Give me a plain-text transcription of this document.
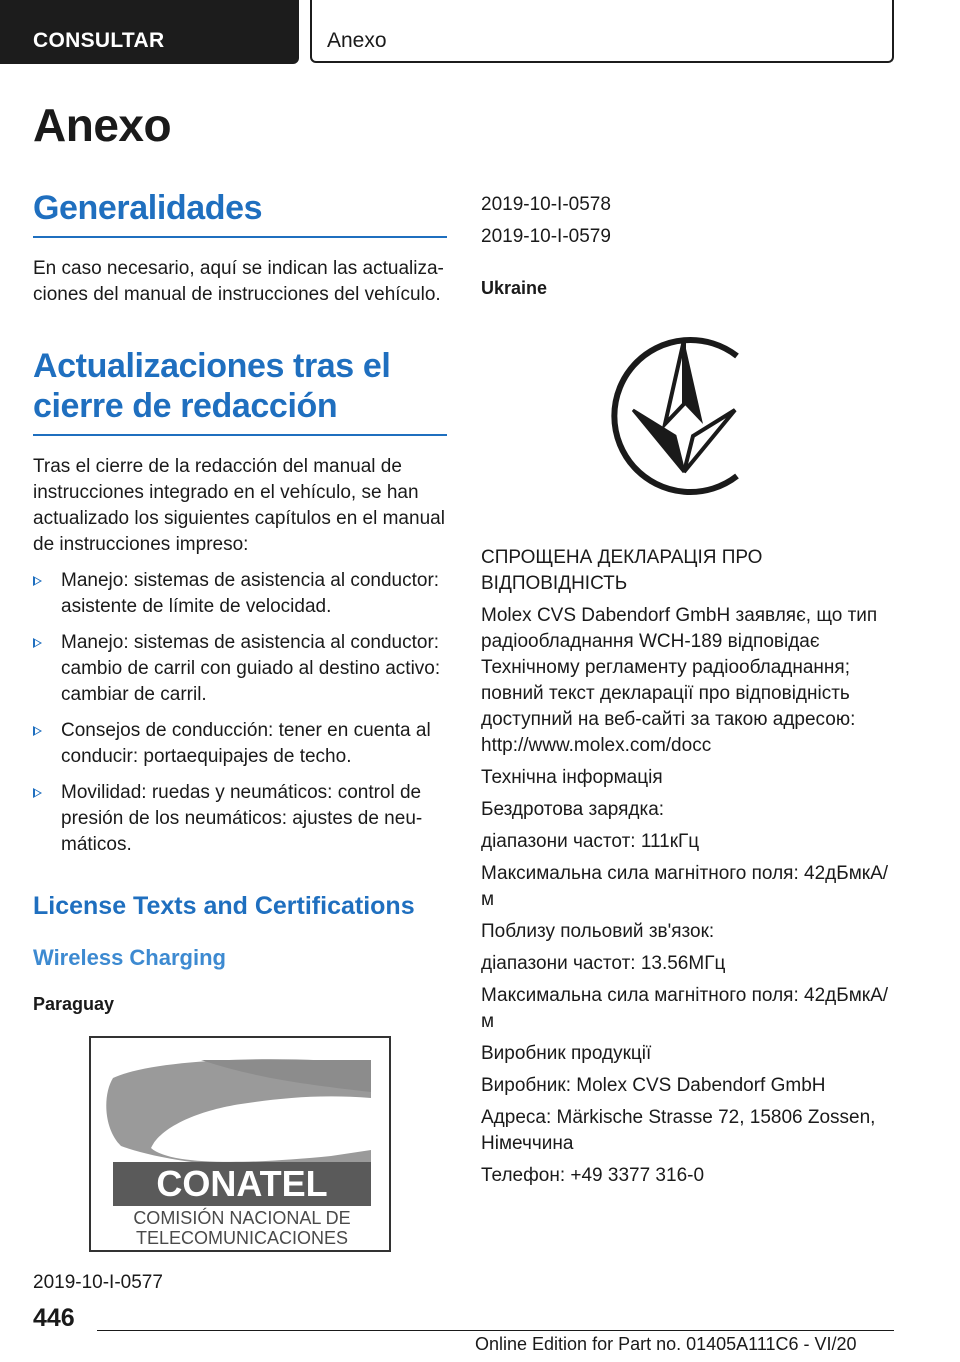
CONSULTAR	Anexo
Anexo
Generalidades

En caso necesario, aquí se indican las actualizaciones del manual de instrucciones del vehículo.

Actualizaciones tras el cierre de redacción

Tras el cierre de la redacción del manual de instrucciones integrado en el vehículo, se han actualizado los siguientes capítulos en el manual de instrucciones impreso:

Manejo: sistemas de asistencia al conductor: asistente de límite de velocidad.
Manejo: sistemas de asistencia al conductor: cambio de carril con guiado al destino activo: cambiar de carril.
Consejos de conducción: tener en cuenta al conducir: portaequipajes de techo.
Movilidad: ruedas y neumáticos: control de presión de los neumáticos: ajustes de neumáticos.
License Texts and Certifications
Wireless Charging
Paraguay
CONATEL
COMISIÓN NACIONAL DE
TELECOMUNICACIONES

2019-10-I-0577

2019-10-I-0578

2019-10-I-0579

Ukraine

СПРОЩЕНА ДЕКЛАРАЦІЯ ПРО ВІДПОВІДНІСТЬ

Molex CVS Dabendorf GmbH заявляє, що тип радіообладнання WCH-189 відповідає Технічному регламенту радіообладнання; повний текст декларації про відповідність доступний на веб-сайті за такою адресою: http://www.molex.com/docc

Технічна інформація

Бездротова зарядка:

діапазони частот: 111кГц

Максимальна сила магнітного поля: 42дБмкА/м

Поблизу польовий зв'язок:

діапазони частот: 13.56МГц

Максимальна сила магнітного поля: 42дБмкА/м

Виробник продукції

Виробник: Molex CVS Dabendorf GmbH

Адреса: Märkische Strasse 72, 15806 Zossen, Німеччина

Телефон: +49 3377 316-0

446
Online Edition for Part no. 01405A111C6 - VI/20
